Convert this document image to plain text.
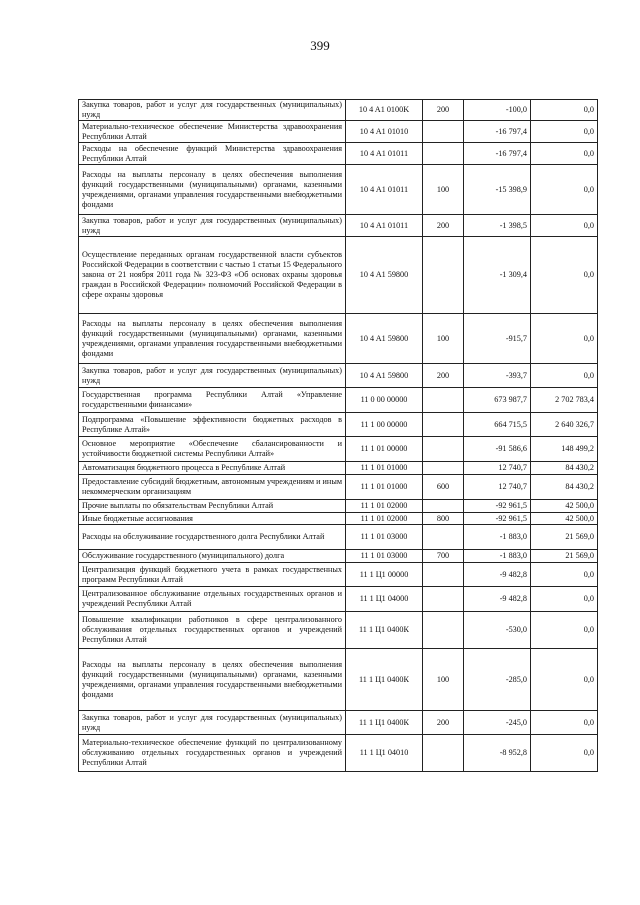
399
Закупка товаров, работ и услуг для государственных (муниципальных) нужд	10 4 A1 0100K	200	-100,0	0,0
Материально-техническое обеспечение Министерства здравоохранения Республики Алтай	10 4 A1 01010		-16 797,4	0,0
Расходы на обеспечение функций Министерства здравоохранения Республики Алтай	10 4 A1 01011		-16 797,4	0,0
Расходы на выплаты персоналу в целях обеспечения выполнения функций государственными (муниципальными) органами, казенными учреждениями, органами управления государственными внебюджетными фондами	10 4 A1 01011	100	-15 398,9	0,0
Закупка товаров, работ и услуг для государственных (муниципальных) нужд	10 4 A1 01011	200	-1 398,5	0,0
Осуществление переданных органам государственной власти субъектов Российской Федерации в соответствии с частью 1 статьи 15 Федерального закона от 21 ноября 2011 года № 323-ФЗ «Об основах охраны здоровья граждан в Российской Федерации» полномочий Российской Федерации в сфере охраны здоровья	10 4 A1 59800		-1 309,4	0,0
Расходы на выплаты персоналу в целях обеспечения выполнения функций государственными (муниципальными) органами, казенными учреждениями, органами управления государственными внебюджетными фондами	10 4 A1 59800	100	-915,7	0,0
Закупка товаров, работ и услуг для государственных (муниципальных) нужд	10 4 A1 59800	200	-393,7	0,0
Государственная программа Республики Алтай «Управление государственными финансами»	11 0 00 00000		673 987,7	2 702 783,4
Подпрограмма «Повышение эффективности бюджетных расходов в Республике Алтай»	11 1 00 00000		664 715,5	2 640 326,7
Основное мероприятие «Обеспечение сбалансированности и устойчивости бюджетной системы Республики Алтай»	11 1 01 00000		-91 586,6	148 499,2
Автоматизация бюджетного процесса в Республике Алтай	11 1 01 01000		12 740,7	84 430,2
Предоставление субсидий бюджетным, автономным учреждениям и иным некоммерческим организациям	11 1 01 01000	600	12 740,7	84 430,2
Прочие выплаты по обязательствам Республики Алтай	11 1 01 02000		-92 961,5	42 500,0
Иные бюджетные ассигнования	11 1 01 02000	800	-92 961,5	42 500,0
Расходы на обслуживание государственного долга Республики Алтай	11 1 01 03000		-1 883,0	21 569,0
Обслуживание государственного (муниципального) долга	11 1 01 03000	700	-1 883,0	21 569,0
Централизация функций бюджетного учета в рамках государственных программ Республики Алтай	11 1 Ц1 00000		-9 482,8	0,0
Централизованное обслуживание отдельных государственных органов и учреждений Республики Алтай	11 1 Ц1 04000		-9 482,8	0,0
Повышение квалификации работников в сфере централизованного обслуживания отдельных государственных органов и учреждений Республики Алтай	11 1 Ц1 0400К		-530,0	0,0
Расходы на выплаты персоналу в целях обеспечения выполнения функций государственными (муниципальными) органами, казенными учреждениями, органами управления государственными внебюджетными фондами	11 1 Ц1 0400К	100	-285,0	0,0
Закупка товаров, работ и услуг для государственных (муниципальных) нужд	11 1 Ц1 0400К	200	-245,0	0,0
Материально-техническое обеспечение функций по централизованному обслуживанию отдельных государственных органов и учреждений Республики Алтай	11 1 Ц1 04010		-8 952,8	0,0
